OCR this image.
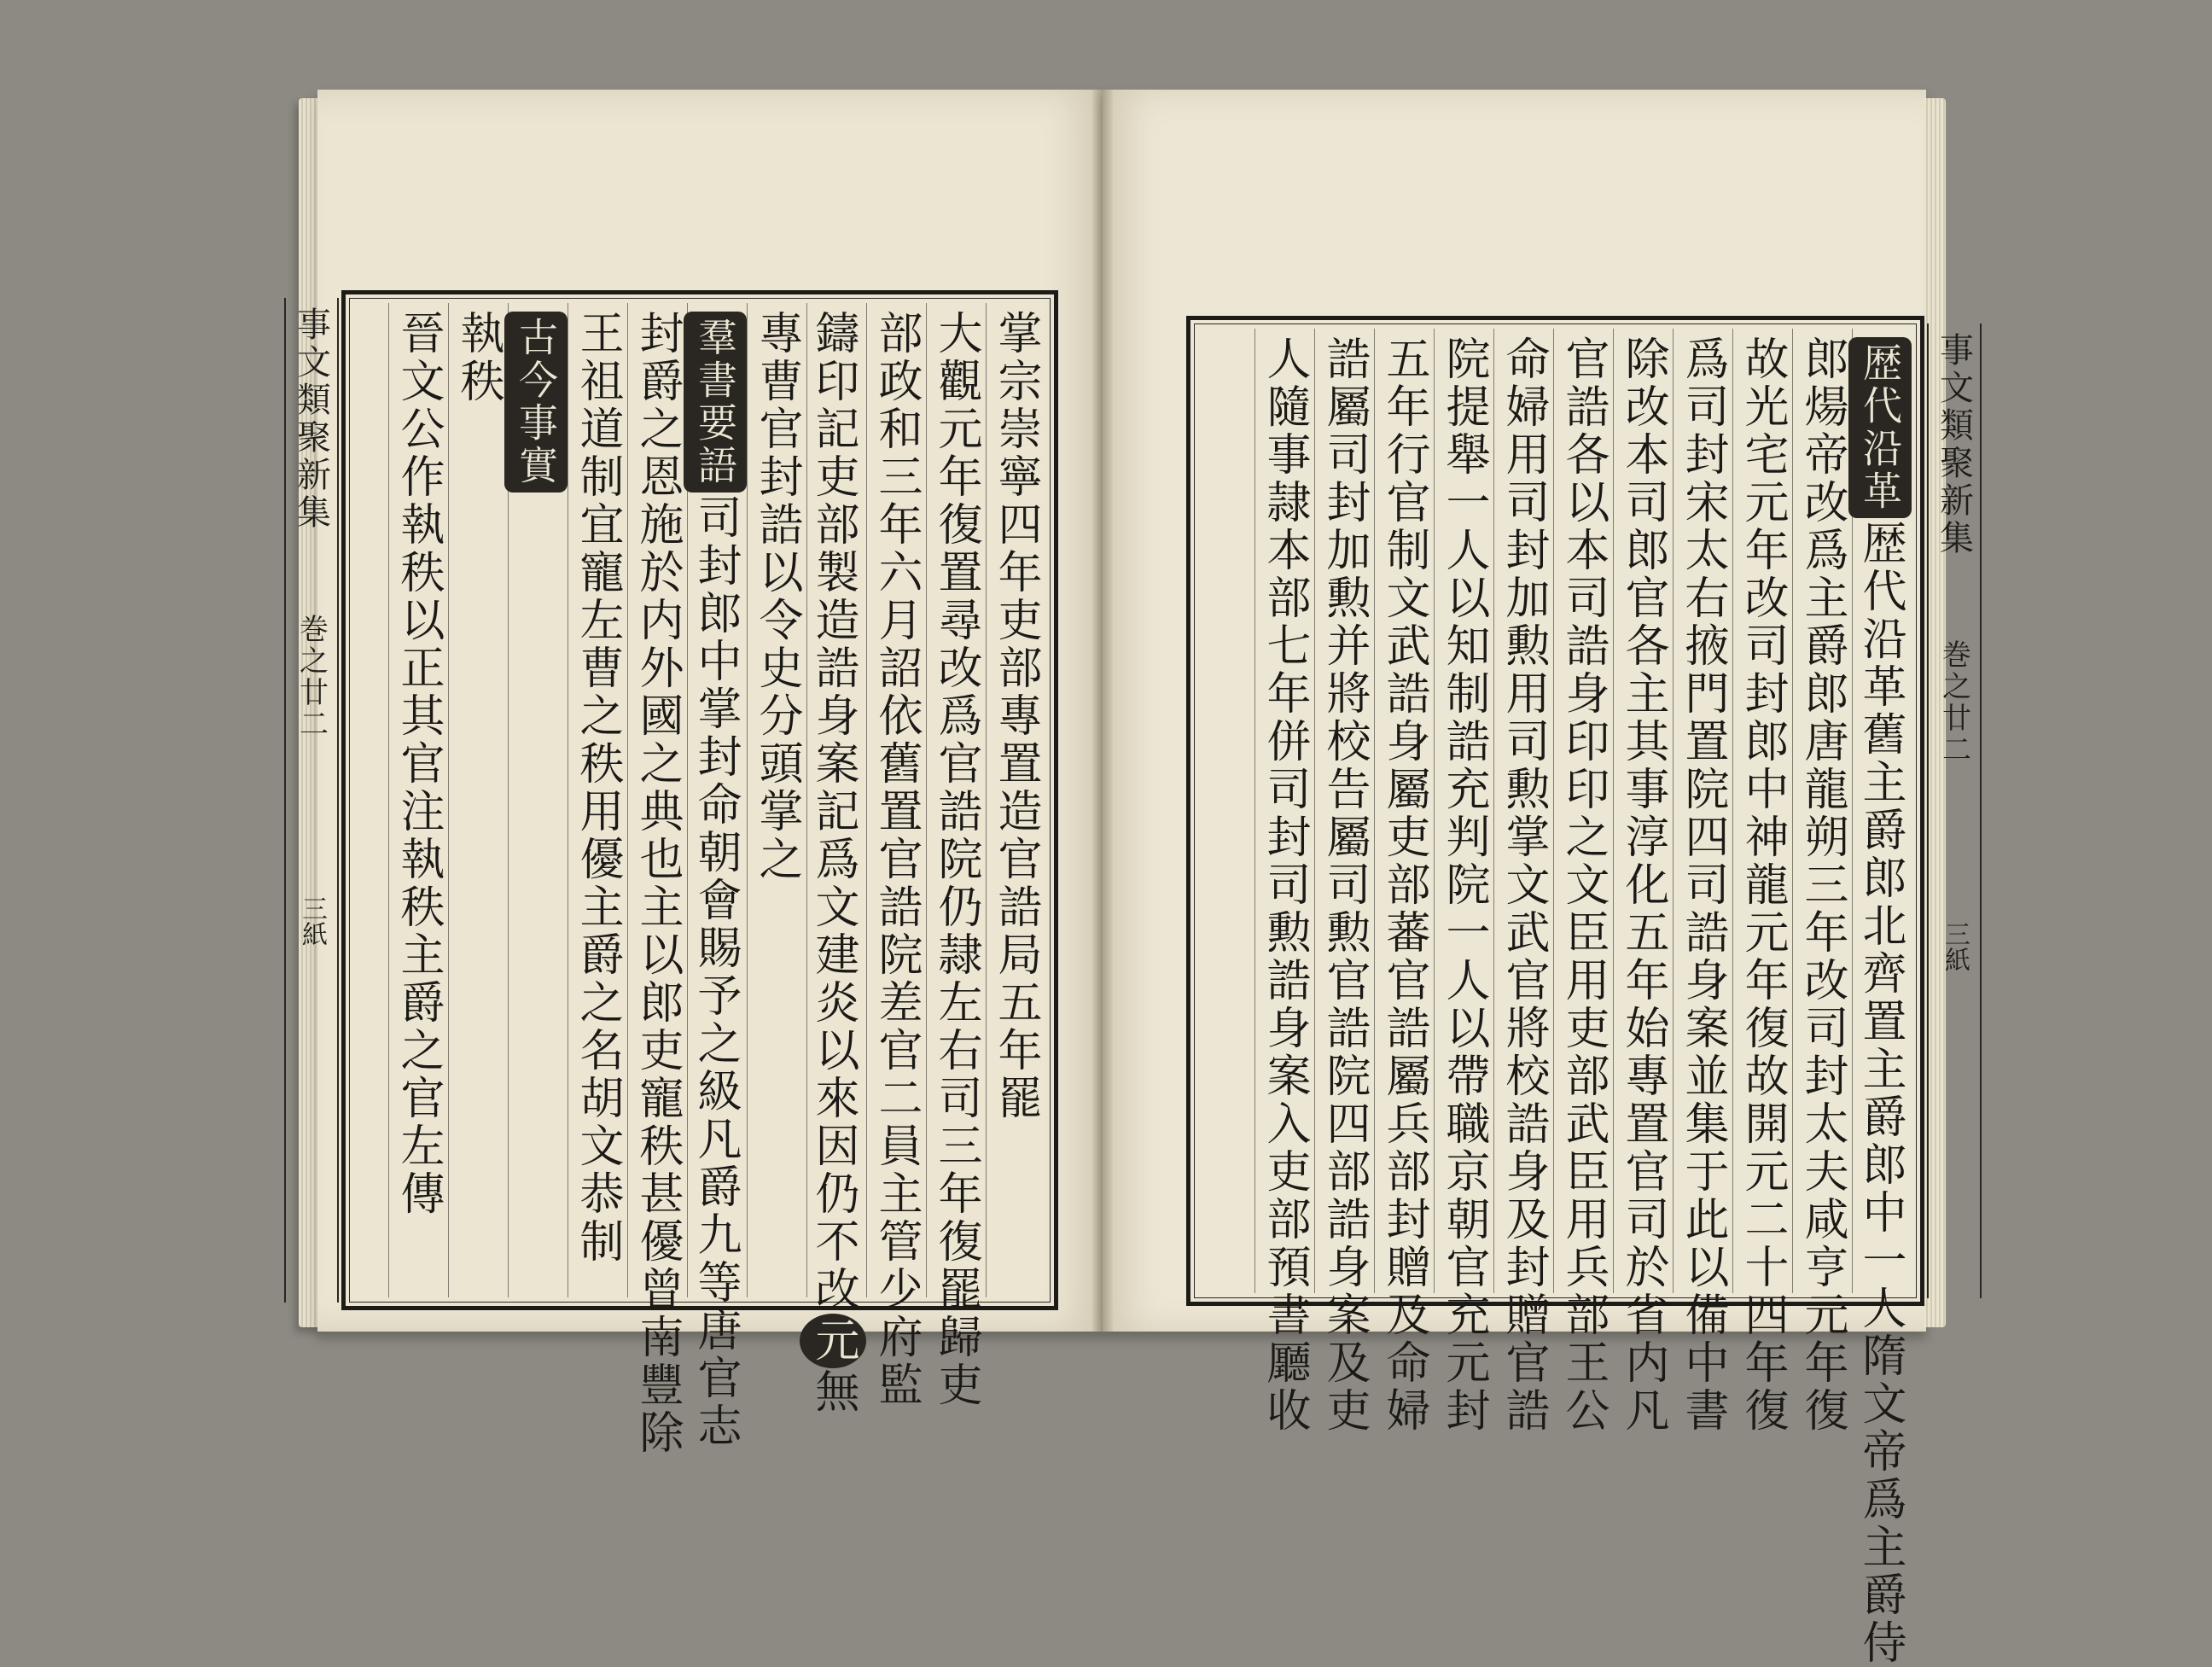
事文類聚新集
巻之廿二
三紙	掌宗崇寧四年吏部專置造官誥局五年罷
大觀元年復置尋改爲官誥院仍隷左右司三年復罷歸吏
部政和三年六月詔依舊置官誥院差官二員主管少府監
鑄印記吏部製造誥身案記爲文建炎以來因仍不改元無
專曹官封誥以令史分頭掌之
羣書要語司封郎中掌封命朝會賜予之級凡爵九等唐官志
封爵之恩施於内外國之典也主以郎吏寵秩甚優曾南豐除
王祖道制宜寵左曹之秩用優主爵之名胡文恭制
古今事實
執秩
晉文公作執秩以正其官注執秩主爵之官左傳	事文類聚新集
巻之廿二
三紙
歴代沿革歴代沿革舊主爵郎北齊置主爵郎中一人隋文帝爲主爵侍
郎煬帝改爲主爵郎唐龍朔三年改司封太夫咸亨元年復
故光宅元年改司封郎中神龍元年復故開元二十四年復
爲司封宋太右掖門置院四司誥身案並集于此以備中書
除改本司郎官各主其事淳化五年始專置官司於省内凡
官誥各以本司誥身印印之文臣用吏部武臣用兵部王公
命婦用司封加勲用司勲掌文武官將校誥身及封贈官誥
院提舉一人以知制誥充判院一人以帶職京朝官充元封
五年行官制文武誥身屬吏部蕃官誥屬兵部封贈及命婦
誥屬司封加勲并將校告屬司勲官誥院四部誥身案及吏
人隨事隷本部七年併司封司勲誥身案入吏部預書㕔收
